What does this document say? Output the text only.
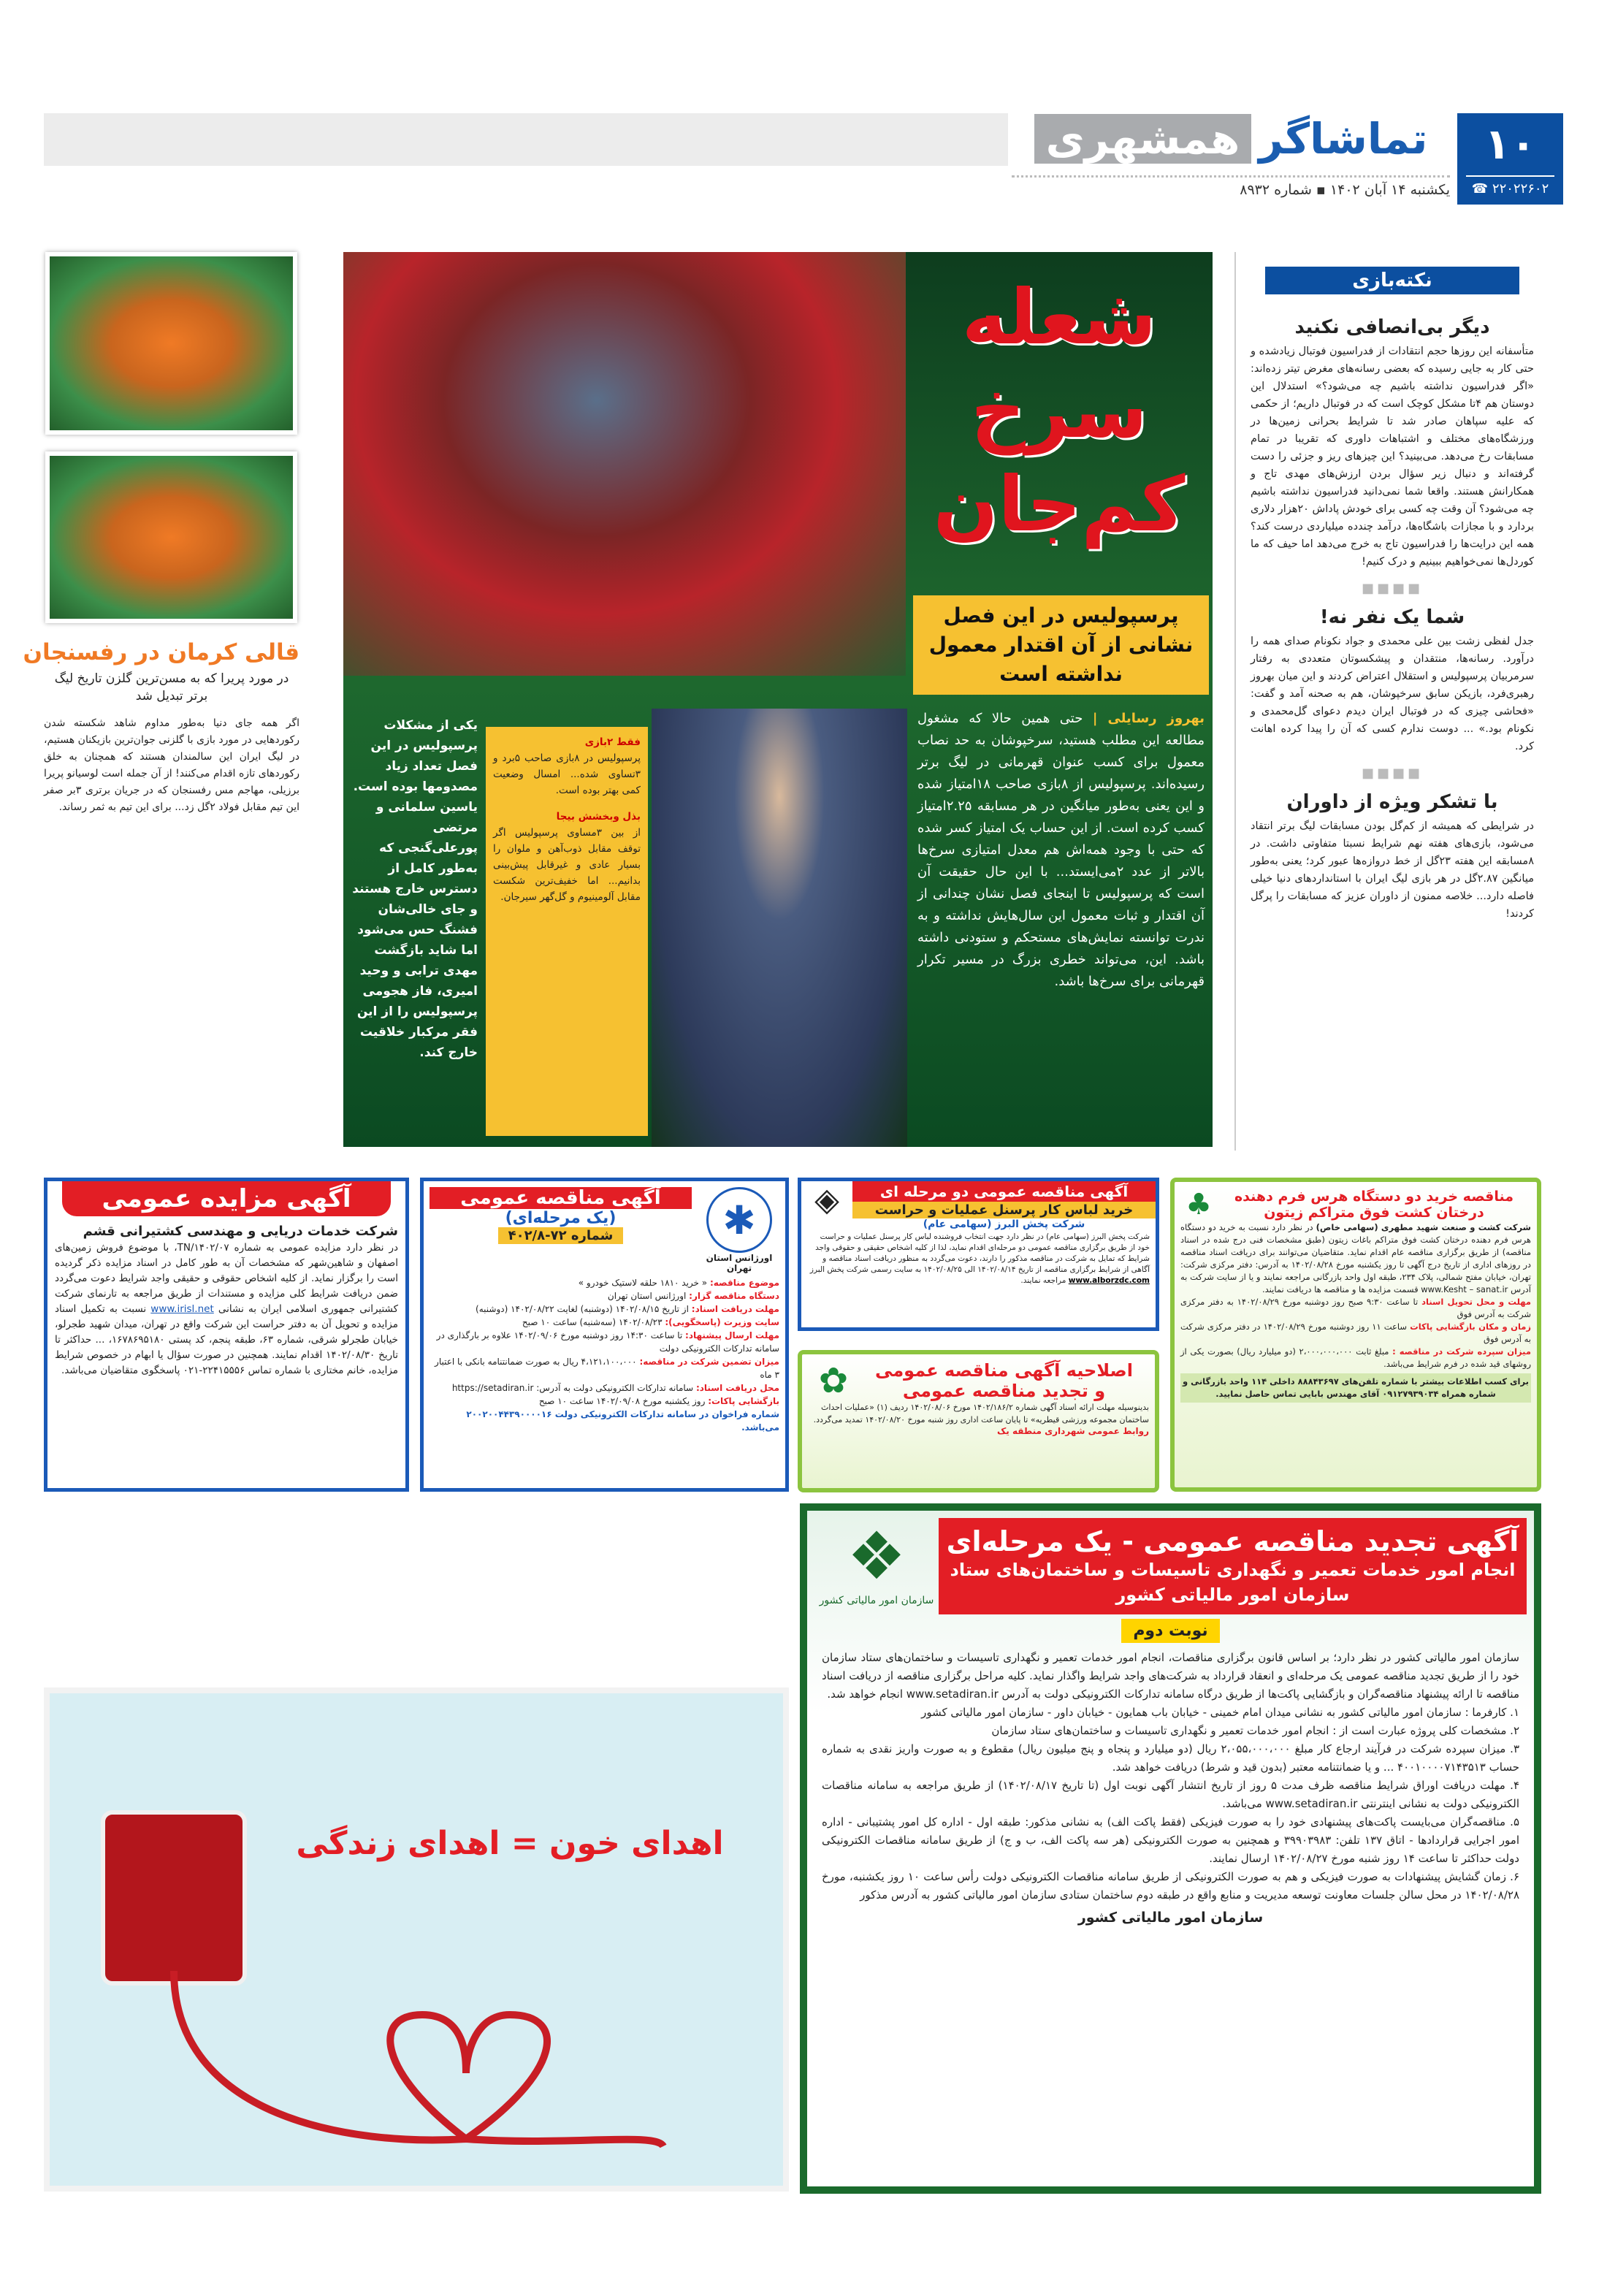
تماشاگر
همشهری
یکشنبه ۱۴ آبان ۱۴۰۲ ▪ شماره ۸۹۳۲
۱۰
۲۲۰۲۲۶۰۲ ☎
نکته‌بازی
دیگر بی‌انصافی نکنید

متأسفانه این روزها حجم انتقادات از فدراسیون فوتبال زیادشده و حتی کار به جایی رسیده که بعضی رسانه‌های مغرض تیتر زده‌اند: «اگر فدراسیون نداشته باشیم چه می‌شود؟» استدلال این دوستان هم ۴تا مشکل کوچک است که در فوتبال داریم؛ از حکمی که علیه سپاهان صادر شد تا شرایط بحرانی زمین‌ها در ورزشگاه‌های مختلف و اشتباهات داوری که تقریبا در تمام مسابقات رخ می‌دهد. می‌بینید؟ این چیزهای ریز و جزئی را دست گرفته‌اند و دنبال زیر سؤال بردن ارزش‌های مهدی تاج و همکارانش هستند. واقعا شما نمی‌دانید فدراسیون نداشته باشیم چه می‌شود؟ آن وقت چه کسی برای خودش پاداش ۲۰هزار دلاری بردارد و با مجازات باشگاه‌ها، درآمد چندده میلیاردی درست کند؟ همه این درایت‌ها را فدراسیون تاج به خرج می‌دهد اما حیف که ما کوردل‌ها نمی‌خواهیم ببینیم و درک کنیم!

■■■■
شما یک نفر نه!

جدل لفظی زشت بین علی محمدی و جواد نکونام صدای همه را درآورد. رسانه‌ها، منتقدان و پیشکسوتان متعددی به رفتار سرمربیان پرسپولیس و استقلال اعتراض کردند و این میان بهروز رهبری‌فرد، بازیکن سابق سرخپوشان، هم به صحنه آمد و گفت: «فحاشی چیزی که در فوتبال ایران دیدم دعوای گل‌محمدی و نکونام بود.» ... دوست ندارم کسی که آن را پیدا کرده اهانت کرد.

■■■■
با تشکر ویژه از داوران

در شرایطی که همیشه از کم‌گل بودن مسابقات لیگ برتر انتقاد می‌شود، بازی‌های هفته نهم شرایط نسبتا متفاوتی داشت. در ۸مسابقه این هفته ۲۳گل از خط دروازه‌ها عبور کرد؛ یعنی به‌طور میانگین ۲.۸۷گل در هر بازی لیگ ایران با استانداردهای دنیا خیلی فاصله دارد... خلاصه ممنون از داوران عزیز که مسابقات را پرگل کردند!

شعله
سرخ
کم‌جان
پرسپولیس در این فصل نشانی از آن اقتدار معمول نداشته است
بهروز رسایلی | حتی همین حالا که مشغول مطالعه این مطلب هستید، سرخپوشان به حد نصاب معمول برای کسب عنوان قهرمانی در لیگ برتر رسیده‌اند. پرسپولیس از ۸بازی صاحب ۱۸امتیاز شده و این یعنی به‌طور میانگین در هر مسابقه ۲.۲۵امتیاز کسب کرده است. از این حساب یک امتیاز کسر شده که حتی با وجود همه‌اش هم معدل امتیازی سرخ‌ها بالاتر از عدد ۲می‌ایستد... با این حال حقیقت آن است که پرسپولیس تا اینجای فصل نشان چندانی از آن اقتدار و ثبات معمول این سال‌هایش نداشته و به ندرت توانسته نمایش‌های مستحکم و ستودنی داشته باشد. این، می‌تواند خطری بزرگ در مسیر تکرار قهرمانی برای سرخ‌ها باشد.
فقط ۲بازی
پرسپولیس در ۸بازی صاحب ۵برد و ۳تساوی شده... امسال وضعیت کمی بهتر بوده است.
بذل وبخشش بیجا
از بین ۳مساوی پرسپولیس اگر توقف مقابل ذوب‌آهن و ملوان را بسیار عادی و غیرقابل پیش‌بینی بدانیم... اما خفیف‌ترین شکست مقابل آلومینیوم و گل‌گهر سیرجان.
یکی از مشکلات پرسپولیس در این فصل تعداد زیاد مصدومها بوده است. یاسین سلمانی و مرتضی پورعلی‌گنجی که به‌طور کامل از دسترس خارج هستند و جای خالی‌شان فشنگ حس می‌شود اما شاید بازگشت مهدی ترابی و وحید امیری، فاز هجومی پرسپولیس را از این فقر مرکبار خلاقیت خارج کند.
قالی کرمان در رفسنجان
در مورد پریرا که به مسن‌ترین گلزن تاریخ لیگ برتر تبدیل شد
اگر همه جای دنیا به‌طور مداوم شاهد شکسته شدن رکوردهایی در مورد بازی با گلزنی جوان‌ترین بازیکنان هستیم، در لیگ ایران این سالمندان هستند که همچنان به خلق رکوردهای تازه اقدام می‌کنند! از آن جمله است لوسیانو پریرا برزیلی، مهاجم مس رفسنجان که در جریان برتری ۳بر صفر این تیم مقابل فولاد ۲گل زد... برای این تیم به ثمر رساند.
آگهی مزایده عمومی
شرکت خدمات دریایی و مهندسی کشتیرانی قشم
در نظر دارد مزایده عمومی به شماره TN/۱۴۰۲/۰۷، با موضوع فروش زمین‌های اصفهان و شاهین‌شهر که مشخصات آن به طور کامل در اسناد مزایده ذکر گردیده است را برگزار نماید. از کلیه اشخاص حقوقی و حقیقی واجد شرایط دعوت می‌گردد ضمن دریافت شرایط کلی مزایده و مستندات از طریق مراجعه به تارنمای شرکت کشتیرانی جمهوری اسلامی ایران به نشانی www.irisl.net نسبت به تکمیل اسناد مزایده و تحویل آن به دفتر حراست این شرکت واقع در تهران، میدان شهید طجرلو، خیابان طجرلو شرقی، شماره ۶۳، طبقه پنجم، کد پستی ۱۶۷۸۶۹۵۱۸۰، ... حداکثر تا تاریخ ۱۴۰۲/۰۸/۳۰ اقدام نمایند. همچنین در صورت سؤال یا ابهام در خصوص شرایط مزایده، خانم مختاری با شماره تماس ۲۲۴۱۵۵۵۶-۰۲۱ پاسخگوی متقاضیان می‌باشد.
✱
اورژانس استان تهران
آگهی مناقصه عمومی
(یک مرحله‌ای)
شماره ۷۲-۴۰۲/۸
موضوع مناقصه: « خرید ۱۸۱۰ حلقه لاستیک خودرو »
دستگاه مناقصه گزار: اورژانس استان تهران
مهلت دریافت اسناد: از تاریخ ۱۴۰۲/۰۸/۱۵ (دوشنبه) لغایت ۱۴۰۲/۰۸/۲۲ (دوشنبه)
سایت وزیرت (پاسخگویی): ۱۴۰۲/۰۸/۲۳ (سه‌شنبه) ساعت ۱۰ صبح
مهلت ارسال پیشنهاد: تا ساعت ۱۴:۳۰ روز دوشنبه مورخ ۱۴۰۲/۰۹/۰۶ علاوه بر بارگذاری در سامانه تدارکات الکترونیکی دولت
میزان تضمین شرکت در مناقصه: ۴،۱۲۱،۱۰۰،۰۰۰ ریال به صورت ضمانتنامه بانکی با اعتبار ۳ ماه
محل دریافت اسناد: سامانه تدارکات الکترونیکی دولت به آدرس: https://setadiran.ir
بازگشایی پاکات: روز یکشنبه مورخ ۱۴۰۲/۰۹/۰۸ ساعت ۱۰ صبح
شماره فراخوان در سامانه تدارکات الکترونیکی دولت ۲۰۰۲۰۰۴۴۳۹۰۰۰۰۱۶ می‌باشد.
آگهی مناقصه عمومی دو مرحله ای
خرید لباس کار پرسنل عملیات و حراست
شرکت پخش البرز (سهامی عام)
◈
شرکت پخش البرز (سهامی عام) در نظر دارد جهت انتخاب فروشنده لباس کار پرسنل عملیات و حراست خود از طریق برگزاری مناقصه عمومی دو مرحله‌ای اقدام نماید، لذا از کلیه اشخاص حقیقی و حقوقی واجد شرایط که تمایل به شرکت در مناقصه مذکور را دارند، دعوت می‌گردد به منظور دریافت اسناد مناقصه و آگاهی از شرایط برگزاری مناقصه از تاریخ ۱۴۰۲/۰۸/۱۴ الی ۱۴۰۲/۰۸/۲۵ به سایت رسمی شرکت پخش البرز www.alborzdc.com مراجعه نمایند.
اصلاحیه آگهی مناقصه عمومی
و تجدید مناقصه عمومی
✿
بدینوسیله مهلت ارائه اسناد آگهی شماره ۱۴۰۲/۱۸۶/۲ مورخ ۱۴۰۲/۰۸/۰۶ ردیف (۱) «عملیات احداث ساختمان مجموعه ورزشی قیطریه» تا پایان ساعت اداری روز شنبه مورخ ۱۴۰۲/۰۸/۲۰ تمدید می‌گردد.
روابط عمومی شهرداری منطقه یک
مناقصه خرید دو دستگاه هرس فرم دهنده درختان کشت فوق متراکم زیتون
♣
شرکت کشت و صنعت شهید مطهری (سهامی خاص) در نظر دارد نسبت به خرید دو دستگاه هرس فرم دهنده درختان کشت فوق متراکم باغات زیتون (طبق مشخصات فنی درج شده در اسناد مناقصه) از طریق برگزاری مناقصه عام اقدام نماید. متقاضیان می‌توانند برای دریافت اسناد مناقصه در روزهای اداری از تاریخ درج آگهی تا روز یکشنبه مورخ ۱۴۰۲/۰۸/۲۸ به آدرس: دفتر مرکزی شرکت: تهران، خیابان مفتح شمالی، پلاک ۲۳۴، طبقه اول واحد بازرگانی مراجعه نمایند و یا از سایت شرکت به آدرس www.Kesht – sanat.ir قسمت مزایده ها و مناقصه ها دریافت نمایند.
مهلت و محل تحویل اسناد تا ساعت ۹:۳۰ صبح روز دوشنبه مورخ ۱۴۰۲/۰۸/۲۹ به دفتر مرکزی شرکت به آدرس فوق
زمان و مکان بازگشایی پاکات ساعت ۱۱ روز دوشنبه مورخ ۱۴۰۲/۰۸/۲۹ در دفتر مرکزی شرکت به آدرس فوق
میزان سپرده شرکت در مناقصه : مبلغ ثابت ۲،۰۰۰،۰۰۰،۰۰۰ (دو میلیارد ریال) بصورت یکی از روشهای قید شده در فرم شرایط می‌باشد.
برای کسب اطلاعات بیشتر با شماره تلفن‌های ۸۸۸۴۳۶۹۷ داخلی ۱۱۴ واحد بازرگانی و شماره همراه ۰۹۱۲۷۹۳۹۰۳۴ آقای مهندس بابایی تماس حاصل نمایید.
آگهی تجدید مناقصه عمومی - یک مرحله‌ای
انجام امور خدمات تعمیر و نگهداری تاسیسات و ساختمان‌های ستاد سازمان امور مالیاتی کشور
❖
سازمان امور مالیاتی کشور
نوبت دوم
سازمان امور مالیاتی کشور در نظر دارد؛ بر اساس قانون برگزاری مناقصات، انجام امور خدمات تعمیر و نگهداری تاسیسات و ساختمان‌های ستاد سازمان خود را از طریق تجدید مناقصه عمومی یک مرحله‌ای و انعقاد قرارداد به شرکت‌های واجد شرایط واگذار نماید. کلیه مراحل برگزاری مناقصه از دریافت اسناد مناقصه تا ارائه پیشنهاد مناقصه‌گران و بازگشایی پاکت‌ها از طریق درگاه سامانه تدارکات الکترونیکی دولت به آدرس www.setadiran.ir انجام خواهد شد.
۱. کارفرما : سازمان امور مالیاتی کشور به نشانی میدان امام خمینی - خیابان باب همایون - خیابان داور - سازمان امور مالیاتی کشور
۲. مشخصات کلی پروژه عبارت است از : انجام امور خدمات تعمیر و نگهداری تاسیسات و ساختمان‌های ستاد سازمان
۳. میزان سپرده شرکت در فرآیند ارجاع کار مبلغ ۲،۰۵۵،۰۰۰،۰۰۰ ریال (دو میلیارد و پنجاه و پنج میلیون ریال) مقطوع و به صورت واریز نقدی به شماره حساب ۴۰۰۱۰۰۰۰۷۱۴۳۵۱۳ ... و یا ضمانتنامه معتبر (بدون قید و شرط) دریافت خواهد شد.
۴. مهلت دریافت اوراق شرایط مناقصه ظرف مدت ۵ روز از تاریخ انتشار آگهی نوبت اول (تا تاریخ ۱۴۰۲/۰۸/۱۷) از طریق مراجعه به سامانه مناقصات الکترونیکی دولت به نشانی اینترنتی www.setadiran.ir می‌باشد.
۵. مناقصه‌گران می‌بایست پاکت‌های پیشنهادی خود را به صورت فیزیکی (فقط پاکت الف) به نشانی مذکور: طبقه اول - اداره کل امور پشتیبانی - اداره امور اجرایی قراردادها - اتاق ۱۳۷ تلفن: ۳۹۹۰۳۹۸۳ و همچنین به صورت الکترونیکی (هر سه پاکت الف، ب و ج) از طریق سامانه مناقصات الکترونیکی دولت حداکثر تا ساعت ۱۴ روز شنبه مورخ ۱۴۰۲/۰۸/۲۷ ارسال نمایند.
۶. زمان گشایش پیشنهادات به صورت فیزیکی و هم به صورت الکترونیکی از طریق سامانه مناقصات الکترونیکی دولت رأس ساعت ۱۰ روز یکشنبه، مورخ ۱۴۰۲/۰۸/۲۸ در محل سالن جلسات معاونت توسعه مدیریت و منابع واقع در طبقه دوم ساختمان ستادی سازمان امور مالیاتی کشور به آدرس مذکور
سازمان امور مالیاتی کشور
اهدای خون = اهدای زندگی
